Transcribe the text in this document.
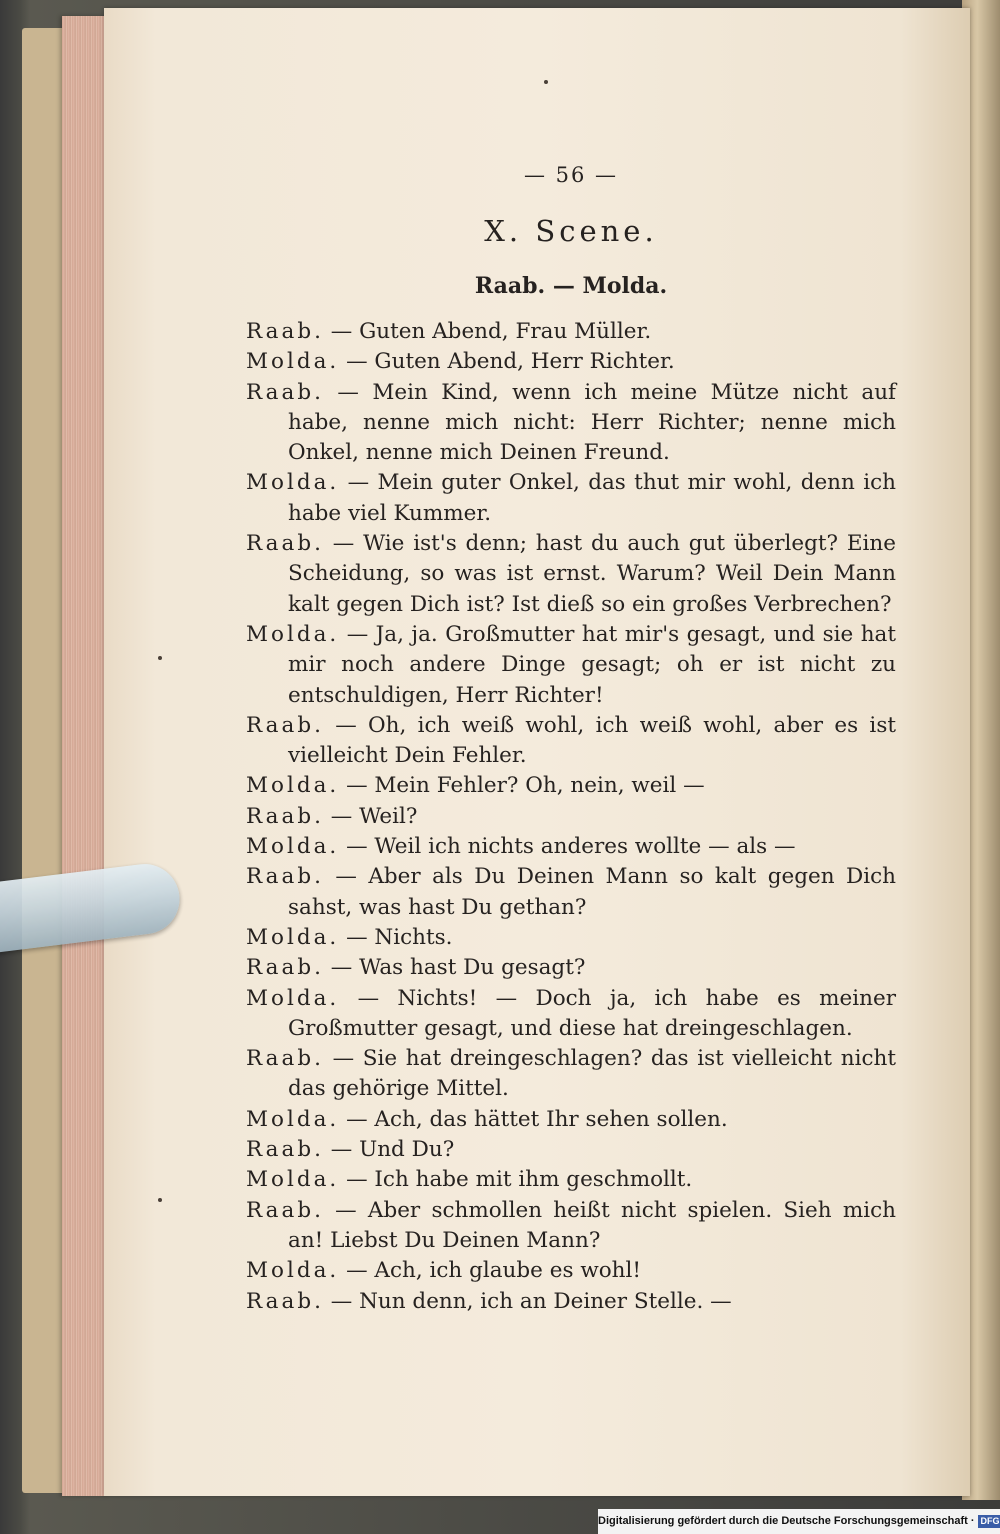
— 56 —
X. Scene.
Raab. — Molda.
Raab. — Guten Abend, Frau Müller.
Molda. — Guten Abend, Herr Richter.
Raab. — Mein Kind, wenn ich meine Mütze nicht auf habe, nenne mich nicht: Herr Richter; nenne mich Onkel, nenne mich Deinen Freund.
Molda. — Mein guter Onkel, das thut mir wohl, denn ich habe viel Kummer.
Raab. — Wie ist's denn; hast du auch gut überlegt? Eine Scheidung, so was ist ernst. Warum? Weil Dein Mann kalt gegen Dich ist? Ist dieß so ein großes Verbrechen?
Molda. — Ja, ja. Großmutter hat mir's gesagt, und sie hat mir noch andere Dinge gesagt; oh er ist nicht zu entschuldigen, Herr Richter!
Raab. — Oh, ich weiß wohl, ich weiß wohl, aber es ist vielleicht Dein Fehler.
Molda. — Mein Fehler? Oh, nein, weil —
Raab. — Weil?
Molda. — Weil ich nichts anderes wollte — als —
Raab. — Aber als Du Deinen Mann so kalt gegen Dich sahst, was hast Du gethan?
Molda. — Nichts.
Raab. — Was hast Du gesagt?
Molda. — Nichts! — Doch ja, ich habe es meiner Großmutter gesagt, und diese hat dreingeschlagen.
Raab. — Sie hat dreingeschlagen? das ist vielleicht nicht das gehörige Mittel.
Molda. — Ach, das hättet Ihr sehen sollen.
Raab. — Und Du?
Molda. — Ich habe mit ihm geschmollt.
Raab. — Aber schmollen heißt nicht spielen. Sieh mich an! Liebst Du Deinen Mann?
Molda. — Ach, ich glaube es wohl!
Raab. — Nun denn, ich an Deiner Stelle. —
Digitalisierung gefördert durch die Deutsche Forschungsgemeinschaft · DFG
